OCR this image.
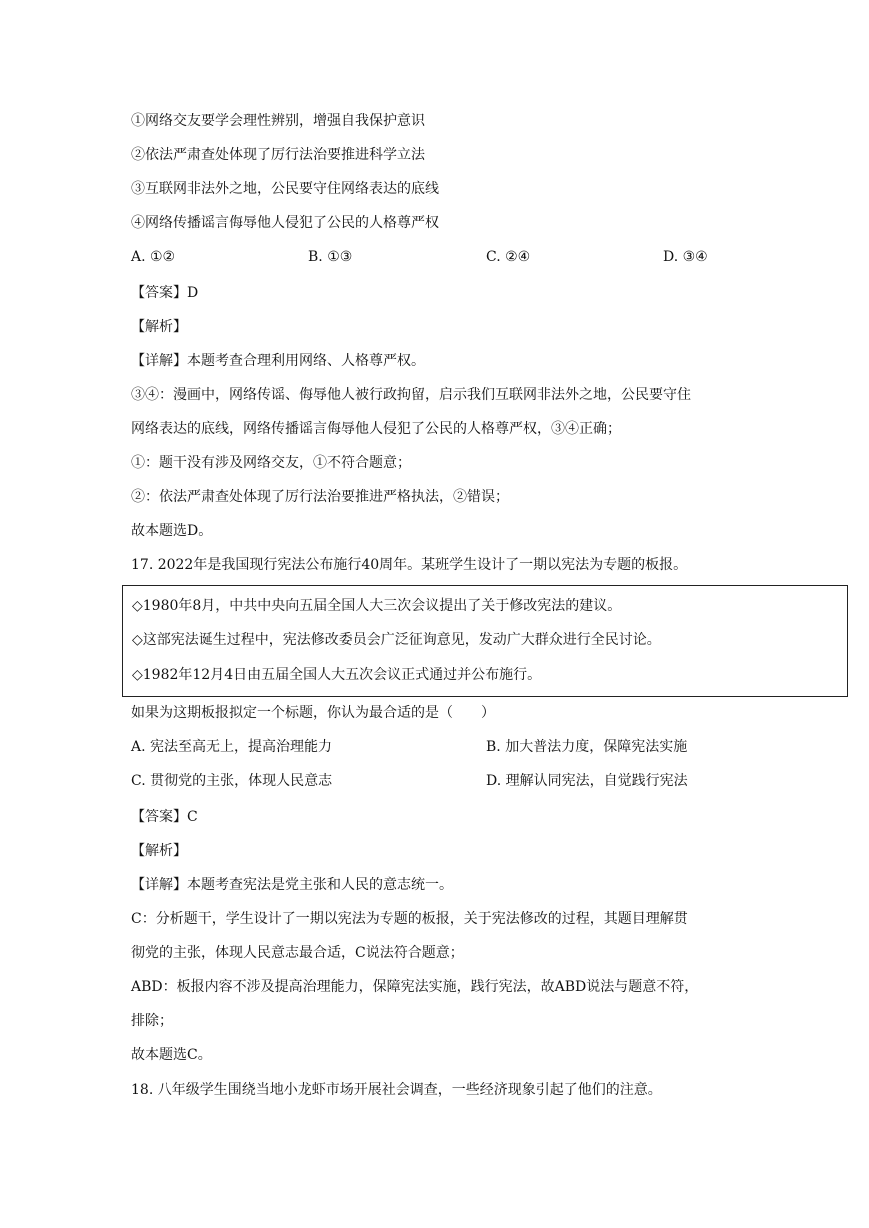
①网络交友要学会理性辨别，增强自我保护意识
②依法严肃查处体现了厉行法治要推进科学立法
③互联网非法外之地，公民要守住网络表达的底线
④网络传播谣言侮辱他人侵犯了公民的人格尊严权
A. ①②	B. ①③	C. ②④	D. ③④
【答案】D
【解析】
【详解】本题考查合理利用网络、人格尊严权。
③④：漫画中，网络传谣、侮辱他人被行政拘留，启示我们互联网非法外之地，公民要守住
网络表达的底线，网络传播谣言侮辱他人侵犯了公民的人格尊严权，③④正确；
①：题干没有涉及网络交友，①不符合题意；
②：依法严肃查处体现了厉行法治要推进严格执法，②错误；
故本题选D。
17. 2022年是我国现行宪法公布施行40周年。某班学生设计了一期以宪法为专题的板报。
◇1980年8月，中共中央向五届全国人大三次会议提出了关于修改宪法的建议。
◇这部宪法诞生过程中，宪法修改委员会广泛征询意见，发动广大群众进行全民讨论。
◇1982年12月4日由五届全国人大五次会议正式通过并公布施行。
如果为这期板报拟定一个标题，你认为最合适的是（　　）
A. 宪法至高无上，提高治理能力	B. 加大普法力度，保障宪法实施
C. 贯彻党的主张，体现人民意志	D. 理解认同宪法，自觉践行宪法
【答案】C
【解析】
【详解】本题考查宪法是党主张和人民的意志统一。
C：分析题干，学生设计了一期以宪法为专题的板报，关于宪法修改的过程，其题目理解贯
彻党的主张，体现人民意志最合适，C说法符合题意；
ABD：板报内容不涉及提高治理能力，保障宪法实施，践行宪法，故ABD说法与题意不符，
排除；
故本题选C。
18. 八年级学生围绕当地小龙虾市场开展社会调查，一些经济现象引起了他们的注意。
